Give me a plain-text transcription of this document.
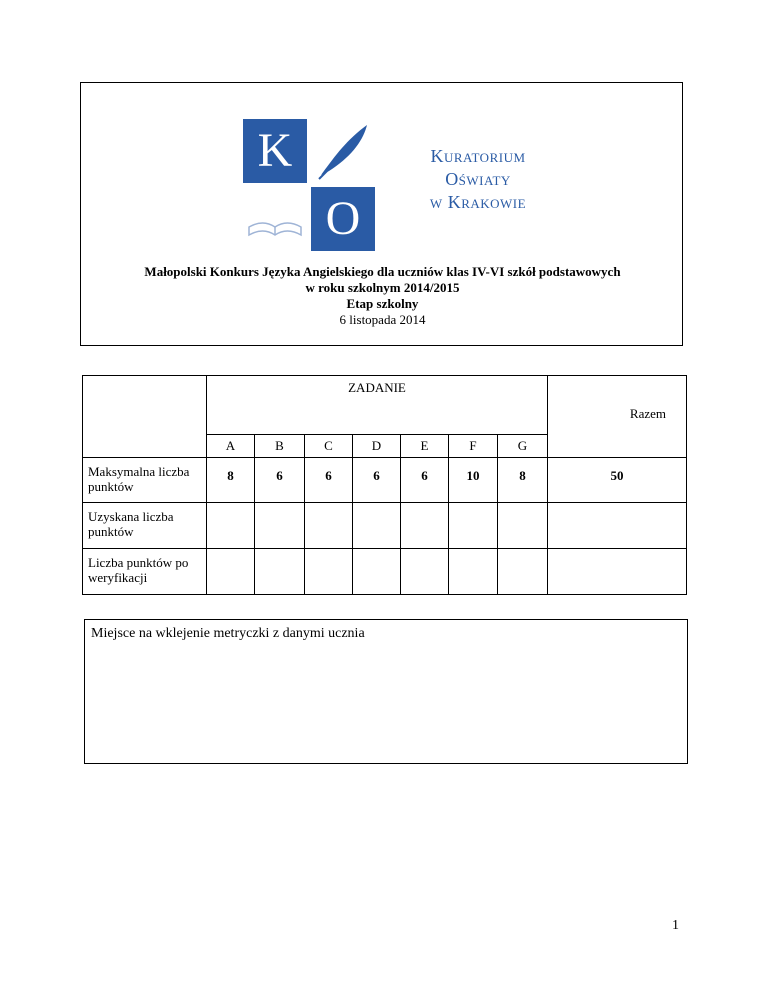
K
O
Kuratorium
Oświaty
w Krakowie
Małopolski Konkurs Języka Angielskiego dla uczniów klas IV-VI szkół podstawowych
w roku szkolnym 2014/2015
Etap szkolny
6 listopada 2014
	ZADANIE							Razem
	A	B	C	D	E	F	G	
Maksymalna liczba punktów	8	6	6	6	6	10	8	50
Uzyskana liczba punktów								
Liczba punktów po weryfikacji								
Miejsce na wklejenie metryczki z danymi ucznia
1
